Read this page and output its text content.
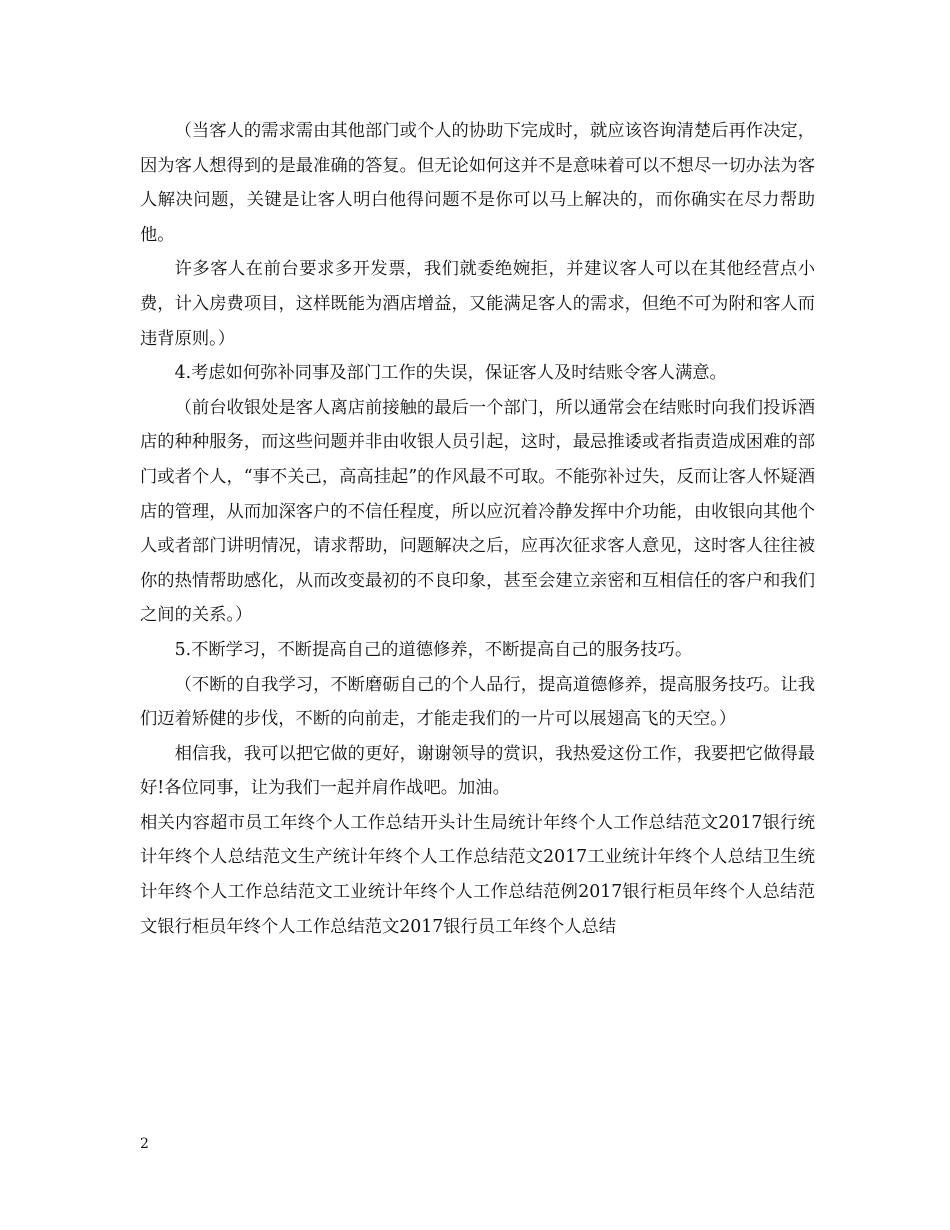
（当客人的需求需由其他部门或个人的协助下完成时，就应该咨询清楚后再作决定，因为客人想得到的是最准确的答复。但无论如何这并不是意味着可以不想尽一切办法为客人解决问题，关键是让客人明白他得问题不是你可以马上解决的，而你确实在尽力帮助他。

许多客人在前台要求多开发票，我们就委绝婉拒，并建议客人可以在其他经营点小费，计入房费项目，这样既能为酒店增益，又能满足客人的需求，但绝不可为附和客人而违背原则。）

4.考虑如何弥补同事及部门工作的失误，保证客人及时结账令客人满意。

（前台收银处是客人离店前接触的最后一个部门，所以通常会在结账时向我们投诉酒店的种种服务，而这些问题并非由收银人员引起，这时，最忌推诿或者指责造成困难的部门或者个人，“事不关己，高高挂起”的作风最不可取。不能弥补过失，反而让客人怀疑酒店的管理，从而加深客户的不信任程度，所以应沉着冷静发挥中介功能，由收银向其他个人或者部门讲明情况，请求帮助，问题解决之后，应再次征求客人意见，这时客人往往被你的热情帮助感化，从而改变最初的不良印象，甚至会建立亲密和互相信任的客户和我们之间的关系。）

5.不断学习，不断提高自己的道德修养，不断提高自己的服务技巧。

（不断的自我学习，不断磨砺自己的个人品行，提高道德修养，提高服务技巧。让我们迈着矫健的步伐，不断的向前走，才能走我们的一片可以展翅高飞的天空。）

相信我，我可以把它做的更好，谢谢领导的赏识，我热爱这份工作，我要把它做得最好!各位同事，让为我们一起并肩作战吧。加油。

相关内容超市员工年终个人工作总结开头计生局统计年终个人工作总结范文2017银行统计年终个人总结范文生产统计年终个人工作总结范文2017工业统计年终个人总结卫生统计年终个人工作总结范文工业统计年终个人工作总结范例2017银行柜员年终个人总结范文银行柜员年终个人工作总结范文2017银行员工年终个人总结

2
